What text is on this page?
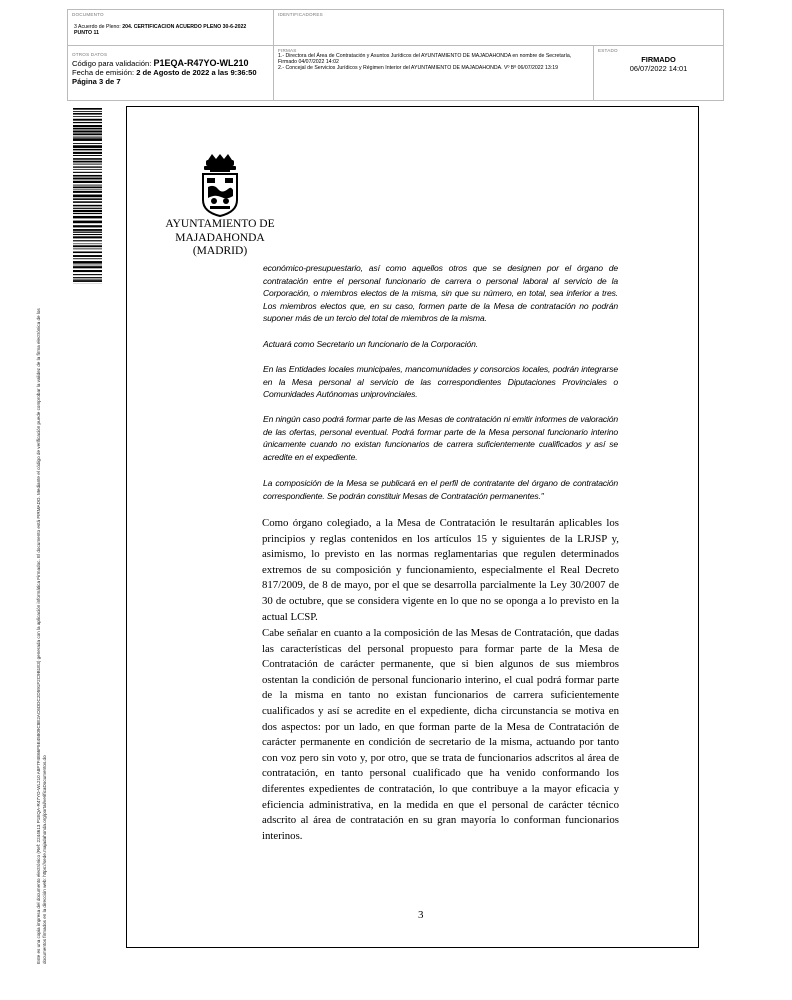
DOCUMENTO
3 Acuerdo de Pleno: 204. CERTIFICACION ACUERDO PLENO 30-6-2022
PUNTO 11
IDENTIFICADORES
OTROS DATOS
Código para validación: P1EQA-R47YO-WL210
Fecha de emisión: 2 de Agosto de 2022 a las 9:36:50
Página 3 de 7
FIRMAS
1.- Directora del Área de Contratación y Asuntos Jurídicos del AYUNTAMIENTO DE MAJADAHONDA en nombre de Secretaría, Firmado 04/07/2022 14:02
2.- Concejal de Servicios Jurídicos y Régimen Interior del AYUNTAMIENTO DE MAJADAHONDA. Vº Bº 06/07/2022 13:19
ESTADO
FIRMADO
06/07/2022 14:01
Este es una copia impresa del documento electrónico (Ref: 2244613 P1EQA-R47YO-WL210 A8F7F4E66F5E45809C8E2AC6DDC2D591F2C9B1E3) generada con la aplicación informática Firmadoc. El documento está FIRMADO. Mediante el código de verificación puede comprobar la validez de la firma electrónica de los documentos firmados en la dirección web: https://sede.majadahonda.org/portal/verificaDocumentos.do
AYUNTAMIENTO DE
MAJADAHONDA
(MADRID)

económico-presupuestario, así como aquellos otros que se designen por el órgano de contratación entre el personal funcionario de carrera o personal laboral al servicio de la Corporación, o miembros electos de la misma, sin que su número, en total, sea inferior a tres. Los miembros electos que, en su caso, formen parte de la Mesa de contratación no podrán suponer más de un tercio del total de miembros de la misma.

Actuará como Secretario un funcionario de la Corporación.

En las Entidades locales municipales, mancomunidades y consorcios locales, podrán integrarse en la Mesa personal al servicio de las correspondientes Diputaciones Provinciales o Comunidades Autónomas uniprovinciales.

En ningún caso podrá formar parte de las Mesas de contratación ni emitir informes de valoración de las ofertas, personal eventual. Podrá formar parte de la Mesa personal funcionario interino únicamente cuando no existan funcionarios de carrera suficientemente cualificados y así se acredite en el expediente.

La composición de la Mesa se publicará en el perfil de contratante del órgano de contratación correspondiente. Se podrán constituir Mesas de Contratación permanentes."

Como órgano colegiado, a la Mesa de Contratación le resultarán aplicables los principios y reglas contenidos en los artículos 15 y siguientes de la LRJSP y, asimismo, lo previsto en las normas reglamentarias que regulen determinados extremos de su composición y funcionamiento, especialmente el Real Decreto 817/2009, de 8 de mayo, por el que se desarrolla parcialmente la Ley 30/2007 de 30 de octubre, que se considera vigente en lo que no se oponga a lo previsto en la actual LCSP.

Cabe señalar en cuanto a la composición de las Mesas de Contratación, que dadas las características del personal propuesto para formar parte de la Mesa de Contratación de carácter permanente, que si bien algunos de sus miembros ostentan la condición de personal funcionario interino, el cual podrá formar parte de la misma en tanto no existan funcionarios de carrera suficientemente cualificados y así se acredite en el expediente, dicha circunstancia se motiva en dos aspectos: por un lado, en que forman parte de la Mesa de Contratación de carácter permanente en condición de secretario de la misma, actuando por tanto con voz pero sin voto y, por otro, que se trata de funcionarios adscritos al área de contratación, en tanto personal cualificado que ha venido conformando los diferentes expedientes de contratación, lo que contribuye a la mayor eficacia y eficiencia administrativa, en la medida en que el personal de carácter técnico adscrito al área de contratación en su gran mayoría lo conforman funcionarios interinos.

3
